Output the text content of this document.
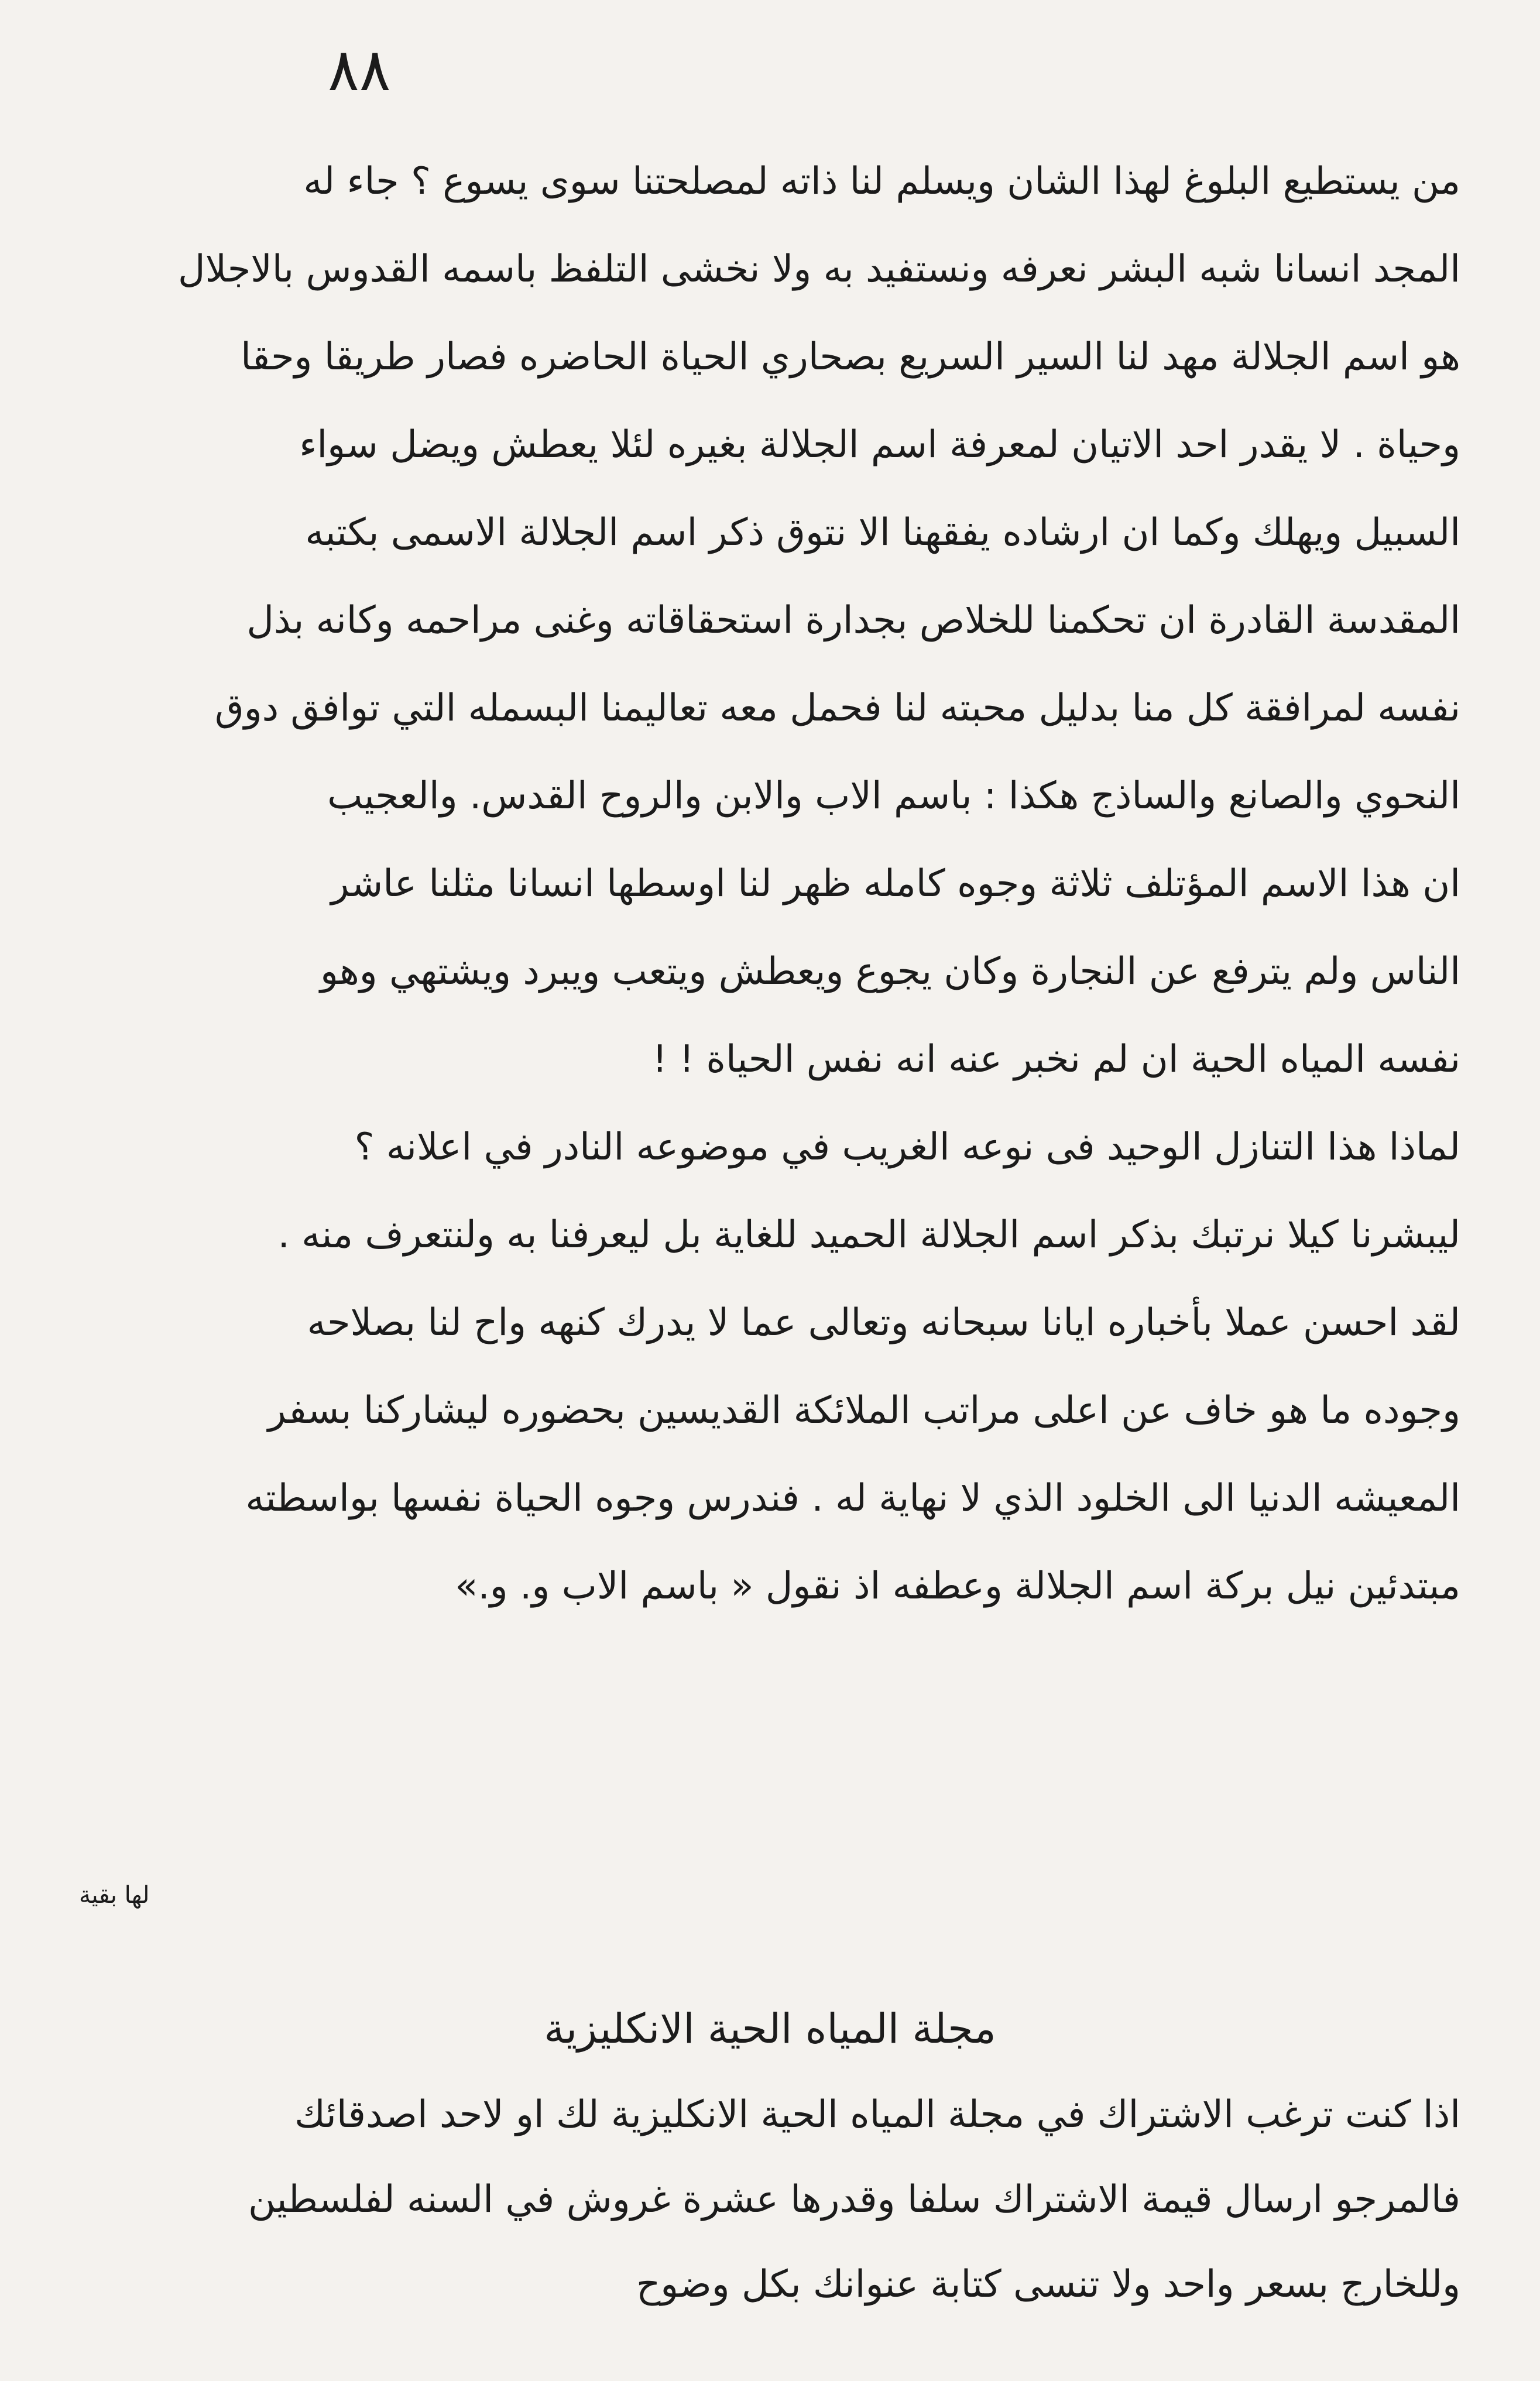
٨٨
من يستطيع البلوغ لهذا الشان ويسلم لنا ذاته لمصلحتنا سوى يسوع ؟ جاء له
المجد انسانا شبه البشر نعرفه ونستفيد به ولا نخشى التلفظ باسمه القدوس بالاجلال
هو اسم الجلالة مهد لنا السير السريع بصحاري الحياة الحاضره فصار طريقا وحقا
وحياة . لا يقدر احد الاتيان لمعرفة اسم الجلالة بغيره لئلا يعطش ويضل سواء
السبيل ويهلك وكما ان ارشاده يفقهنا الا نتوق ذكر اسم الجلالة الاسمى بكتبه
المقدسة القادرة ان تحكمنا للخلاص بجدارة استحقاقاته وغنى مراحمه وكانه بذل
نفسه لمرافقة كل منا بدليل محبته لنا فحمل معه تعاليمنا البسمله التي توافق دوق
النحوي والصانع والساذج هكذا : باسم الاب والابن والروح القدس. والعجيب
ان هذا الاسم المؤتلف ثلاثة وجوه كامله ظهر لنا اوسطها انسانا مثلنا عاشر
الناس ولم يترفع عن النجارة وكان يجوع ويعطش ويتعب ويبرد ويشتهي وهو
نفسه المياه الحية ان لم نخبر عنه انه نفس الحياة ! !
لماذا هذا التنازل الوحيد فى نوعه الغريب في موضوعه النادر في اعلانه ؟
ليبشرنا كيلا نرتبك بذكر اسم الجلالة الحميد للغاية بل ليعرفنا به ولنتعرف منه .
لقد احسن عملا بأخباره ايانا سبحانه وتعالى عما لا يدرك كنهه واح لنا بصلاحه
وجوده ما هو خاف عن اعلى مراتب الملائكة القديسين بحضوره ليشاركنا بسفر
المعيشه الدنيا الى الخلود الذي لا نهاية له . فندرس وجوه الحياة نفسها بواسطته
مبتدئين نيل بركة اسم الجلالة وعطفه اذ نقول « باسم الاب و. و.»
لها بقية
مجلة المياه الحية الانكليزية
اذا كنت ترغب الاشتراك في مجلة المياه الحية الانكليزية لك او لاحد اصدقائك
فالمرجو ارسال قيمة الاشتراك سلفا وقدرها عشرة غروش في السنه لفلسطين
وللخارج بسعر واحد ولا تنسى كتابة عنوانك بكل وضوح
